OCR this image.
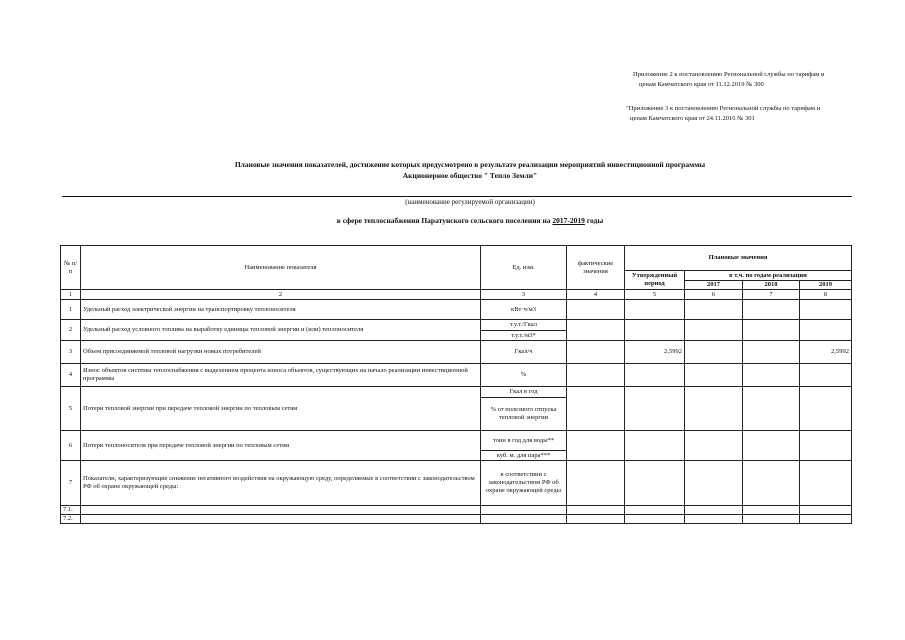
Приложение 2 к постановлению Региональной службы по тарифам и
ценам Камчатского края от 11.12.2019 № 300
"Приложение 3 к постановлению Региональной службы по тарифам и
ценам Камчатского края от 24.11.2016 № 301
Плановые значения показателей, достижение которых предусмотрено в результате реализации мероприятий инвестиционной программы
Акционерное общество " Тепло Земли"
(наименование регулируемой организации)
в сфере теплоснабжения Паратунского сельского поселения на 2017-2019 годы
№ п/п	Наименование показателя	Ед. изм.	фактические значения	Плановые значения			
				Утвержденный период	в т.ч. по годам реализации		
					2017	2018	2019
1	2	3	4	5	6	7	8
1	Удельный расход электрической энергии на транспортировку теплоносителя	кВт·ч/м3					
2	Удельный расход условного топлива на выработку единицы тепловой энергии и (или) теплоносителя	т.у.т./Гкал					
		т.у.т./м3*					
3	Объем присоединяемой тепловой нагрузки новых потребителей	Гкал/ч		2,5992			2,5992
4	Износ объектов системы теплоснабжения с выделением процента износа объектов, существующих на начало реализации инвестиционной программы	%					
5	Потери тепловой энергии при передаче тепловой энергии по тепловым сетям	Гкал в год					
		% от полезного отпуска тепловой энергии					
6	Потери теплоносителя при передаче тепловой энергии по тепловым сетям	тонн в год для воды**					
		куб. м. для пара***					
7	Показатели, характеризующие снижение негативного воздействия на окружающую среду, определяемые в соответствии с законодательством РФ об охране окружающей среды:	в соответствии с законодательством РФ об охране окружающей среды					
7.1.							
7.2.							
